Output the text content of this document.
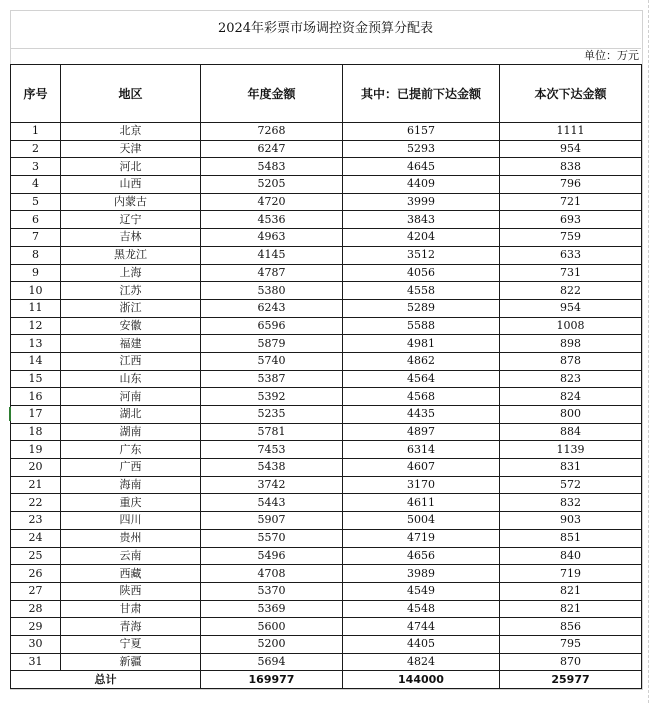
2024年彩票市场调控资金预算分配表
单位：万元
序号	地区	年度金额	其中：已提前下达金额	本次下达金额
1	北京	7268	6157	1111
2	天津	6247	5293	954
3	河北	5483	4645	838
4	山西	5205	4409	796
5	内蒙古	4720	3999	721
6	辽宁	4536	3843	693
7	吉林	4963	4204	759
8	黑龙江	4145	3512	633
9	上海	4787	4056	731
10	江苏	5380	4558	822
11	浙江	6243	5289	954
12	安徽	6596	5588	1008
13	福建	5879	4981	898
14	江西	5740	4862	878
15	山东	5387	4564	823
16	河南	5392	4568	824
17	湖北	5235	4435	800
18	湖南	5781	4897	884
19	广东	7453	6314	1139
20	广西	5438	4607	831
21	海南	3742	3170	572
22	重庆	5443	4611	832
23	四川	5907	5004	903
24	贵州	5570	4719	851
25	云南	5496	4656	840
26	西藏	4708	3989	719
27	陕西	5370	4549	821
28	甘肃	5369	4548	821
29	青海	5600	4744	856
30	宁夏	5200	4405	795
31	新疆	5694	4824	870
总计		169977	144000	25977
